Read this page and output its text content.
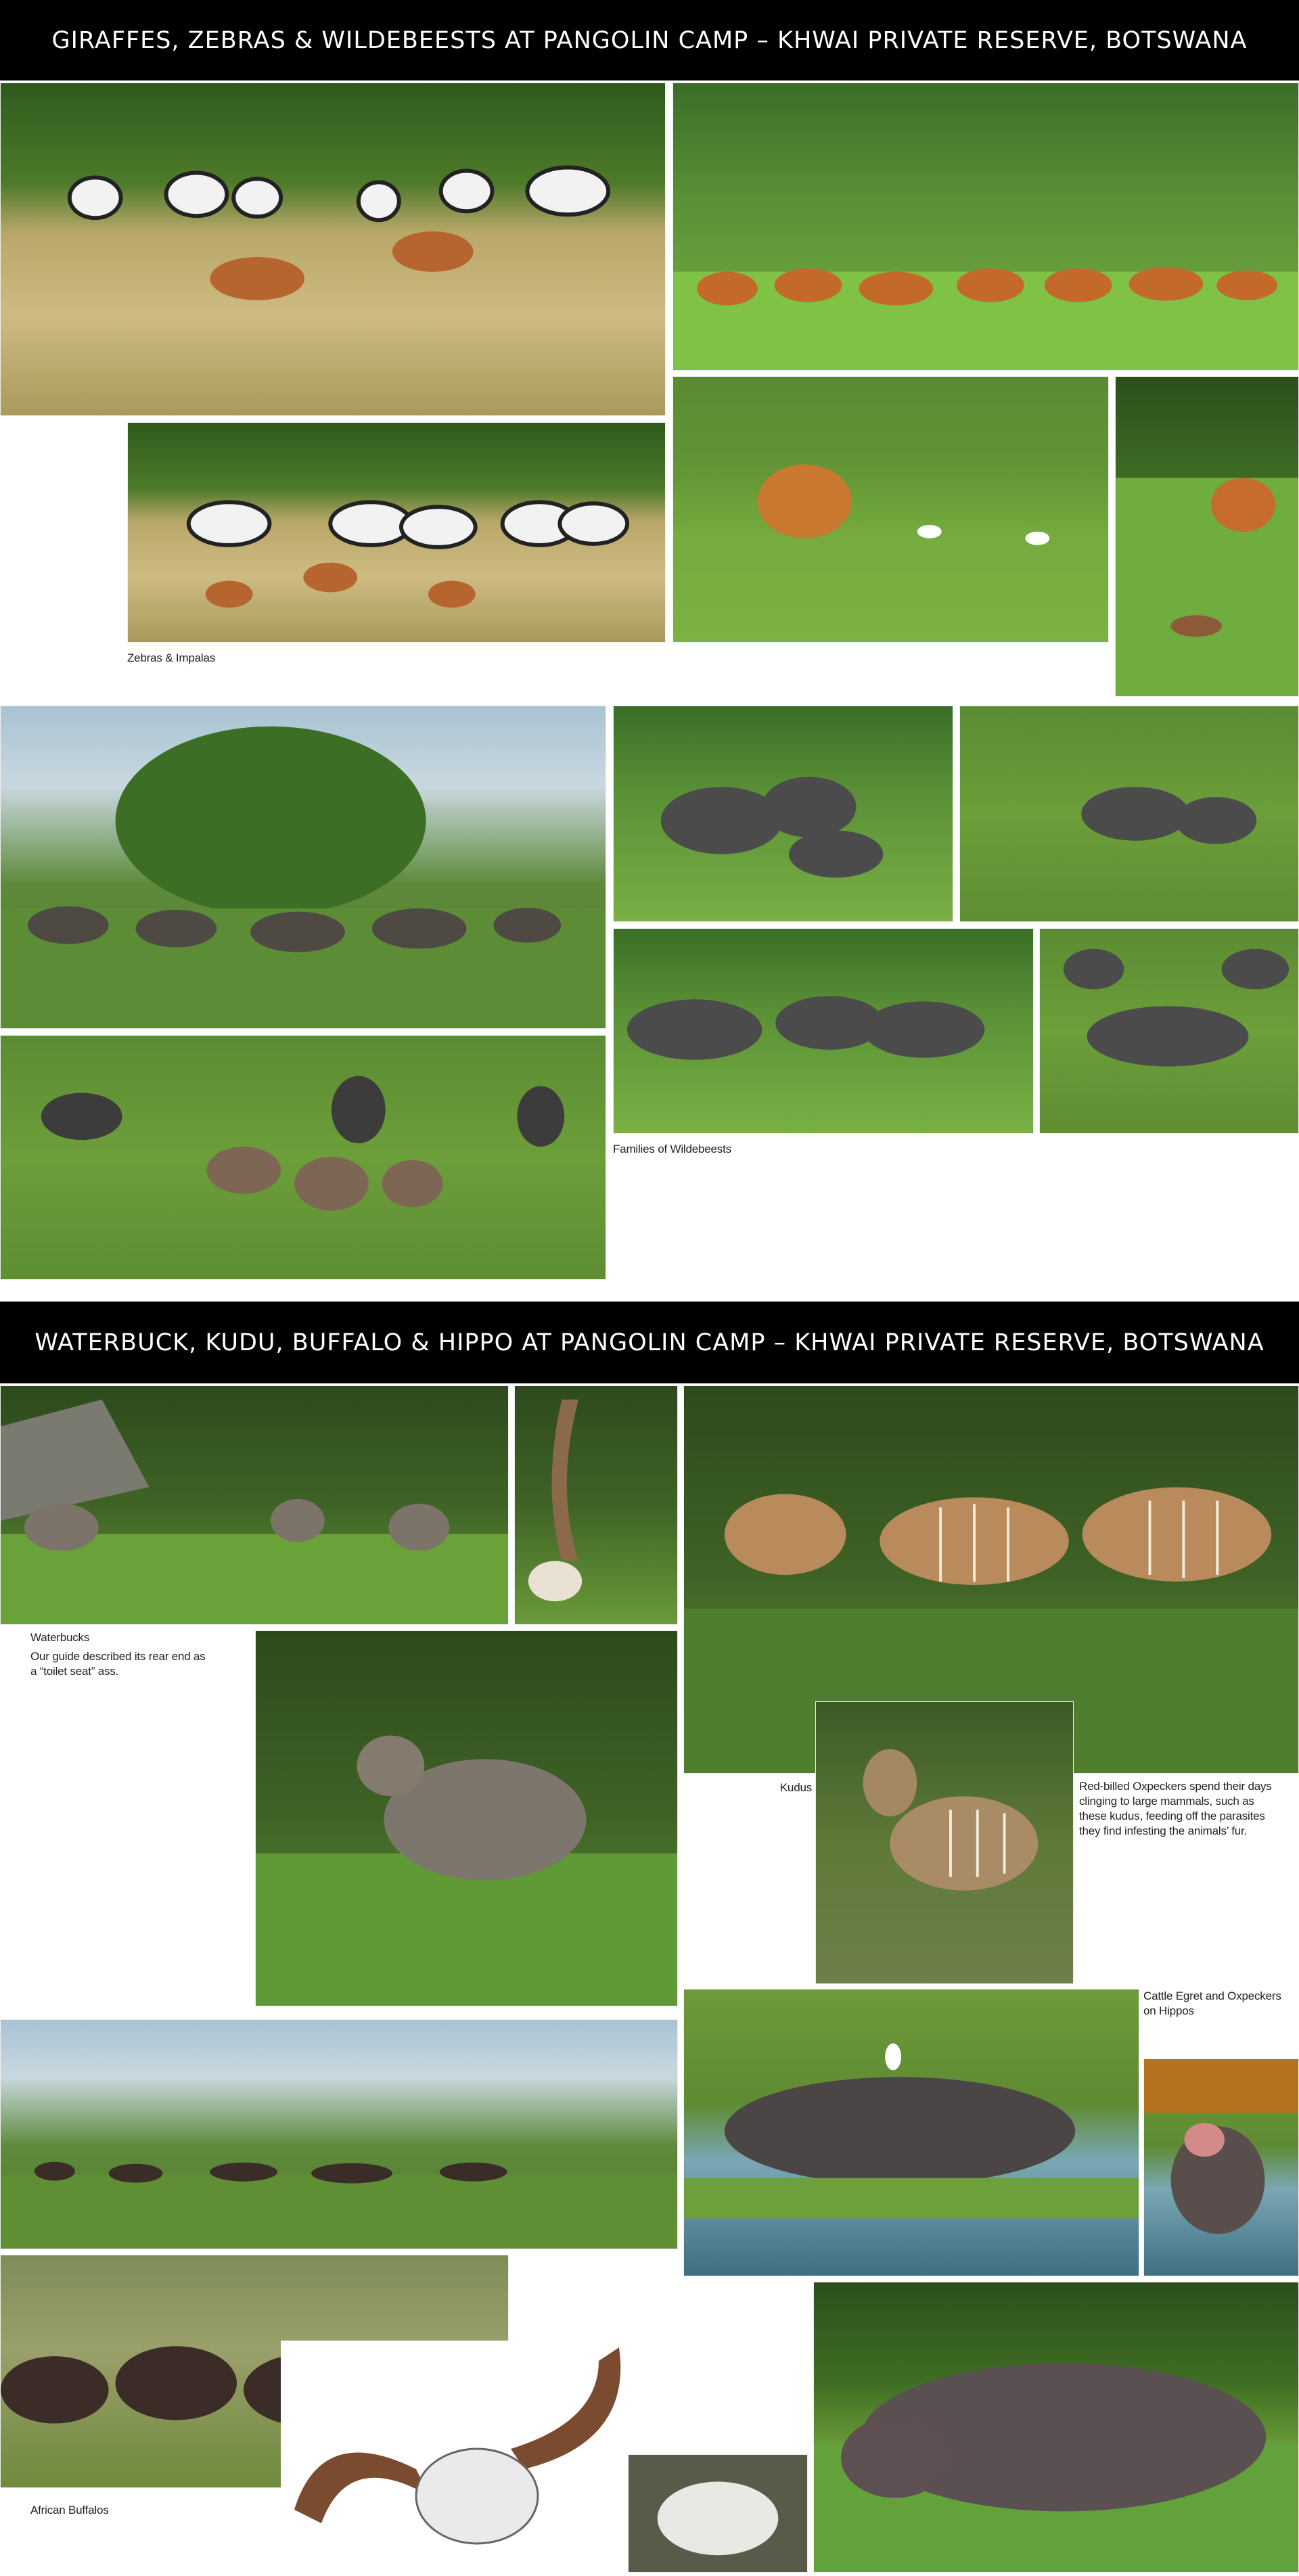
GIRAFFES, ZEBRAS & WILDEBEESTS AT PANGOLIN CAMP – KHWAI PRIVATE RESERVE, BOTSWANA
Zebras & Impalas
Families of Wildebeests
WATERBUCK, KUDU, BUFFALO & HIPPO AT PANGOLIN CAMP – KHWAI PRIVATE RESERVE, BOTSWANA

Waterbucks

Our guide described its rear end as a “toilet seat” ass.

Kudus	Red-billed Oxpeckers spend their days clinging to large mammals, such as these kudus, feeding off the parasites they find infesting the animals’ fur.
Cattle Egret and Oxpeckers on Hippos
African Buffalos
